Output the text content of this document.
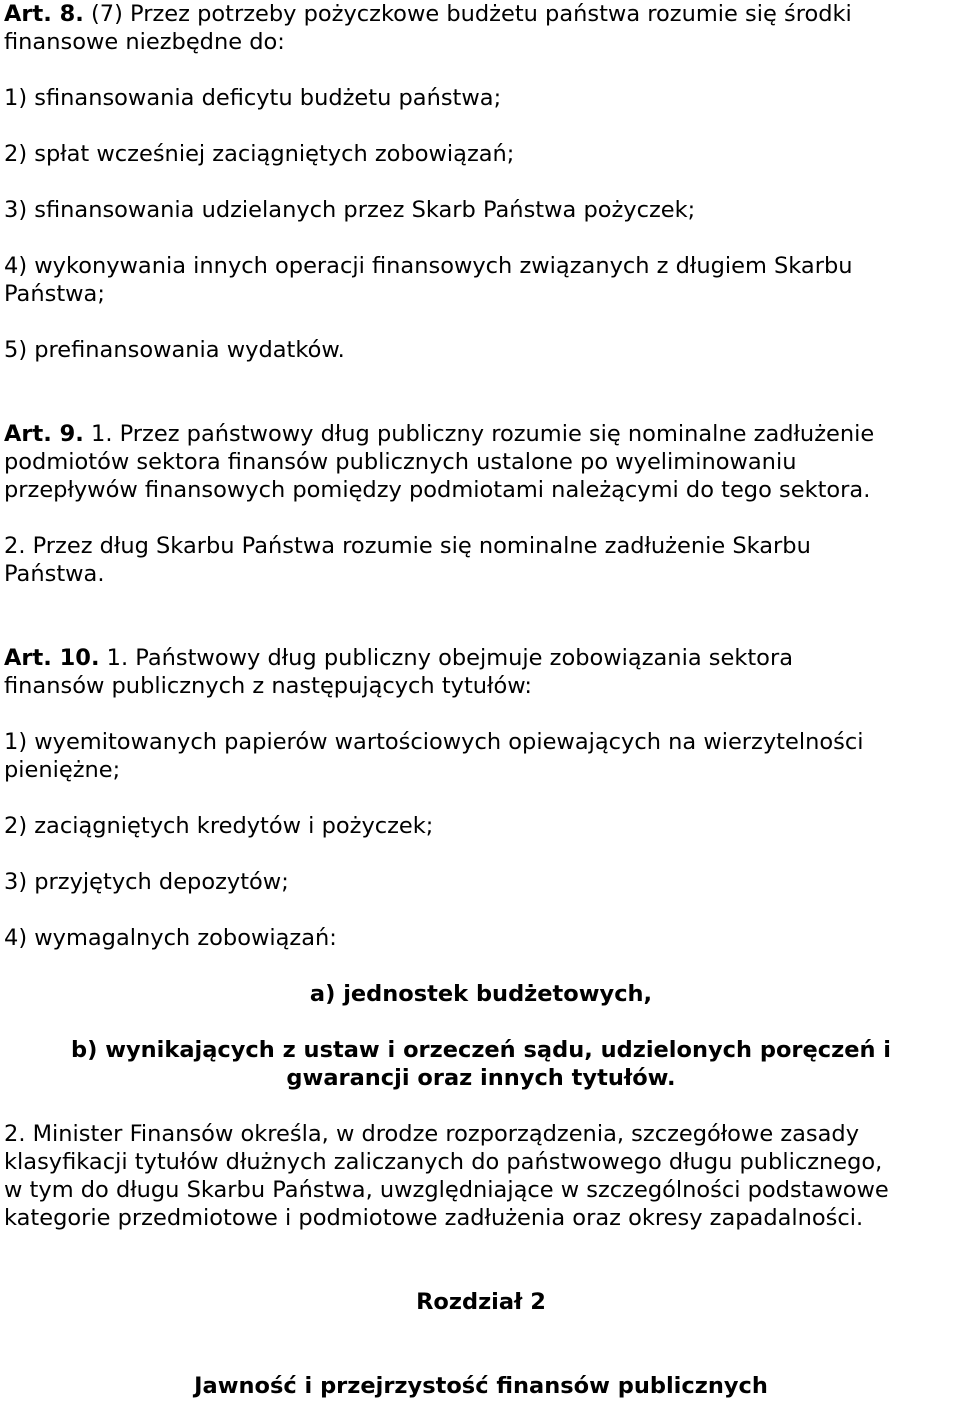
Art. 8. (7) Przez potrzeby pożyczkowe budżetu państwa rozumie się środki
finansowe niezbędne do:

1) sfinansowania deficytu budżetu państwa;

2) spłat wcześniej zaciągniętych zobowiązań;

3) sfinansowania udzielanych przez Skarb Państwa pożyczek;

4) wykonywania innych operacji finansowych związanych z długiem Skarbu
Państwa;

5) prefinansowania wydatków.

Art. 9. 1. Przez państwowy dług publiczny rozumie się nominalne zadłużenie
podmiotów sektora finansów publicznych ustalone po wyeliminowaniu
przepływów finansowych pomiędzy podmiotami należącymi do tego sektora.

2. Przez dług Skarbu Państwa rozumie się nominalne zadłużenie Skarbu
Państwa.

Art. 10. 1. Państwowy dług publiczny obejmuje zobowiązania sektora
finansów publicznych z następujących tytułów:

1) wyemitowanych papierów wartościowych opiewających na wierzytelności
pieniężne;

2) zaciągniętych kredytów i pożyczek;

3) przyjętych depozytów;

4) wymagalnych zobowiązań:

a) jednostek budżetowych,

b) wynikających z ustaw i orzeczeń sądu, udzielonych poręczeń i
gwarancji oraz innych tytułów.

2. Minister Finansów określa, w drodze rozporządzenia, szczegółowe zasady
klasyfikacji tytułów dłużnych zaliczanych do państwowego długu publicznego,
w tym do długu Skarbu Państwa, uwzględniające w szczególności podstawowe
kategorie przedmiotowe i podmiotowe zadłużenia oraz okresy zapadalności.

Rozdział 2

Jawność i przejrzystość finansów publicznych
